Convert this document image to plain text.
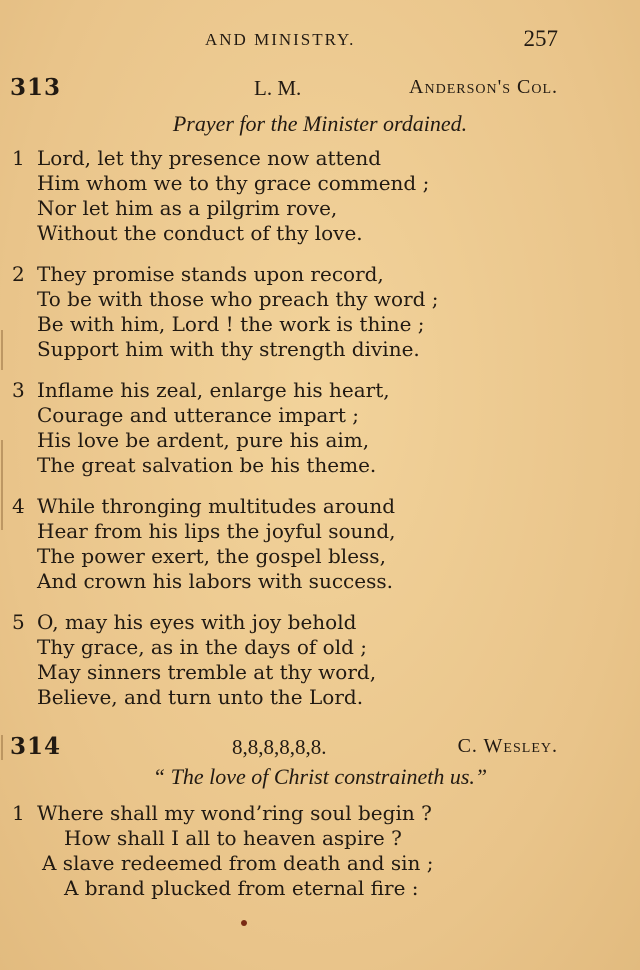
AND MINISTRY.	257
313	L. M.	Anderson's Col.
Prayer for the Minister ordained.
1 Lord, let thy presence now attend
Him whom we to thy grace commend ;
Nor let him as a pilgrim rove,
Without the conduct of thy love.
2 They promise stands upon record,
To be with those who preach thy word ;
Be with him, Lord ! the work is thine ;
Support him with thy strength divine.
3 Inflame his zeal, enlarge his heart,
Courage and utterance impart ;
His love be ardent, pure his aim,
The great salvation be his theme.
4 While thronging multitudes around
Hear from his lips the joyful sound,
The power exert, the gospel bless,
And crown his labors with success.
5 O, may his eyes with joy behold
Thy grace, as in the days of old ;
May sinners tremble at thy word,
Believe, and turn unto the Lord.
314	8,8,8,8,8,8.	C. Wesley.
“ The love of Christ constraineth us.”
1 Where shall my wond’ring soul begin ?
How shall I all to heaven aspire ?
A slave redeemed from death and sin ;
A brand plucked from eternal fire :
